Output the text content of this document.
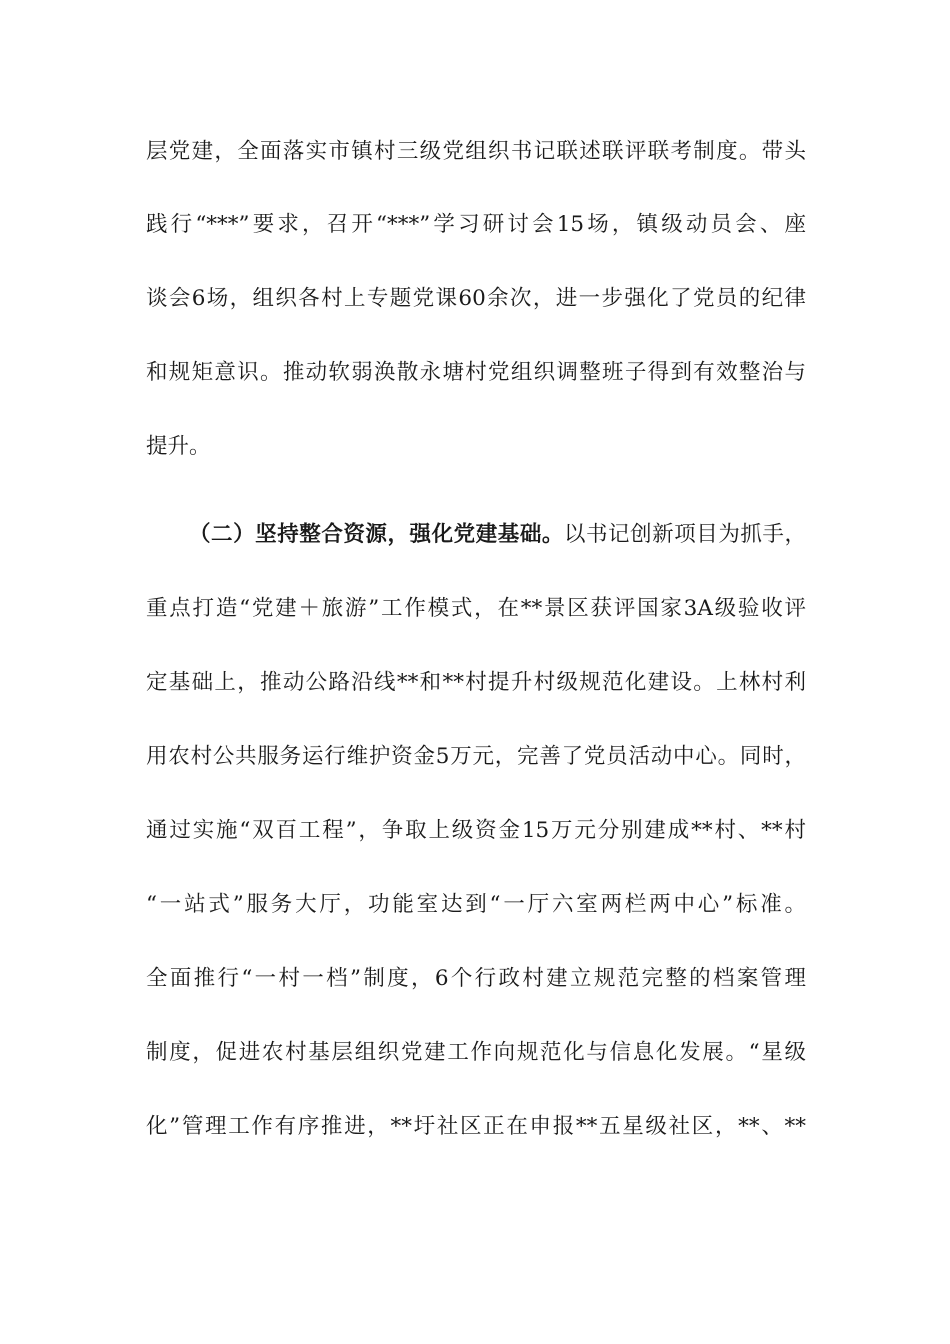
层党建，全面落实市镇村三级党组织书记联述联评联考制度。带头
践行“***”要求，召开“***”学习研讨会15场，镇级动员会、座
谈会6场，组织各村上专题党课60余次，进一步强化了党员的纪律
和规矩意识。推动软弱涣散永塘村党组织调整班子得到有效整治与
提升。
（二）坚持整合资源，强化党建基础。以书记创新项目为抓手，
重点打造“党建＋旅游”工作模式，在**景区获评国家3A级验收评
定基础上，推动公路沿线**和**村提升村级规范化建设。上林村利
用农村公共服务运行维护资金5万元，完善了党员活动中心。同时，
通过实施“双百工程”，争取上级资金15万元分别建成**村、**村
“一站式”服务大厅，功能室达到“一厅六室两栏两中心”标准。
全面推行“一村一档”制度，6个行政村建立规范完整的档案管理
制度，促进农村基层组织党建工作向规范化与信息化发展。“星级
化”管理工作有序推进，**圩社区正在申报**五星级社区，**、**
